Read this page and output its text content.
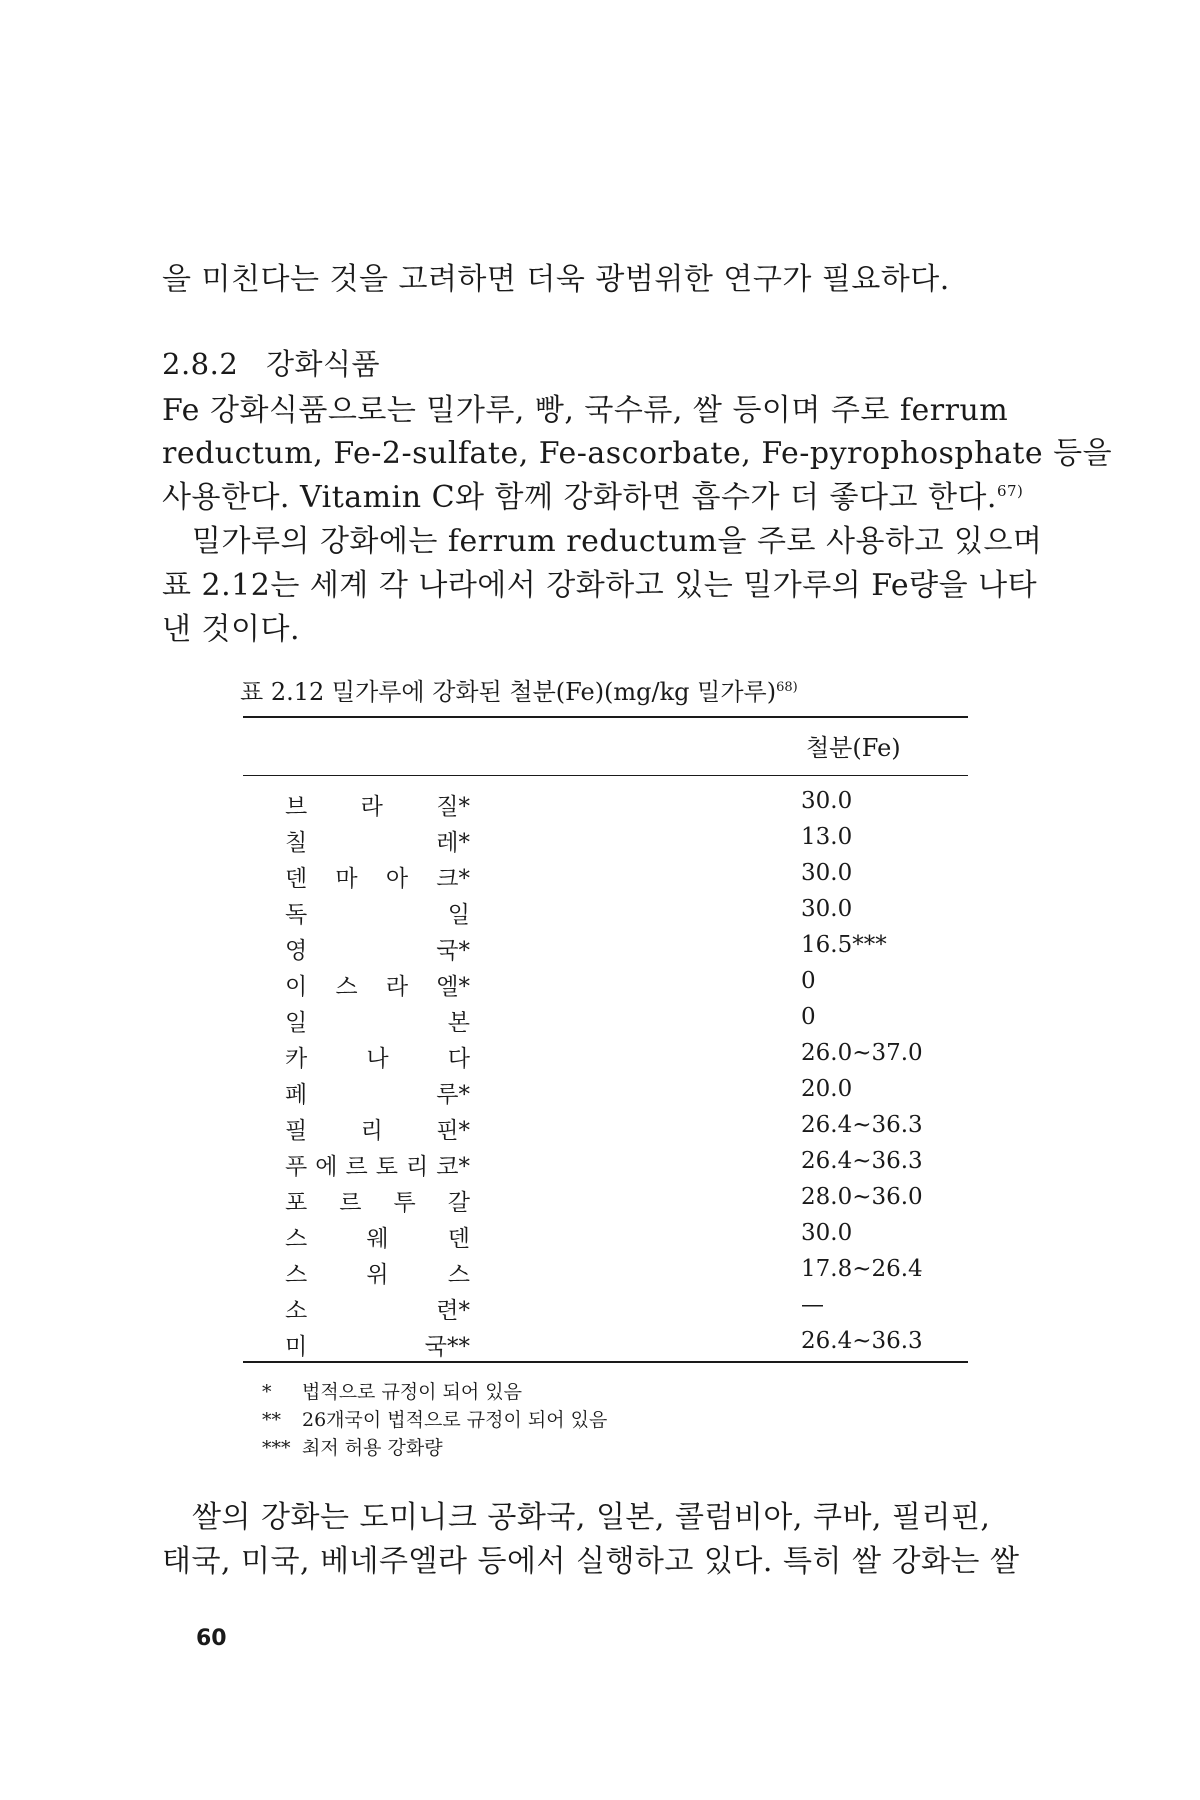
을 미친다는 것을 고려하면 더욱 광범위한 연구가 필요하다.
2.8.2 강화식품
Fe 강화식품으로는 밀가루, 빵, 국수류, 쌀 등이며 주로 ferrum
reductum, Fe-2-sulfate, Fe-ascorbate, Fe-pyrophosphate 등을
사용한다. Vitamin C와 함께 강화하면 흡수가 더 좋다고 한다.$^{67)}$
밀가루의 강화에는 ferrum reductum을 주로 사용하고 있으며
표 2.12는 세계 각 나라에서 강화하고 있는 밀가루의 Fe량을 나타
낸 것이다.
표 2.12 밀가루에 강화된 철분(Fe)(mg/kg 밀가루)$^{68)}$
철분(Fe)
브 라 질*	30.0
칠 레*	13.0
덴 마 아 크*	30.0
독 일	30.0
영 국*	16.5***
이 스 라 엘*	0
일 본	0
카 나 다	26.0~37.0
페 루*	20.0
필 리 핀*	26.4~36.3
푸 에 르 토 리 코*	26.4~36.3
포 르 투 갈	28.0~36.0
스 웨 덴	30.0
스 위 스	17.8~26.4
소 련*	—
미 국**	26.4~36.3
* 법적으로 규정이 되어 있음
** 26개국이 법적으로 규정이 되어 있음
*** 최저 허용 강화량
쌀의 강화는 도미니크 공화국, 일본, 콜럼비아, 쿠바, 필리핀,
태국, 미국, 베네주엘라 등에서 실행하고 있다. 특히 쌀 강화는 쌀
60
